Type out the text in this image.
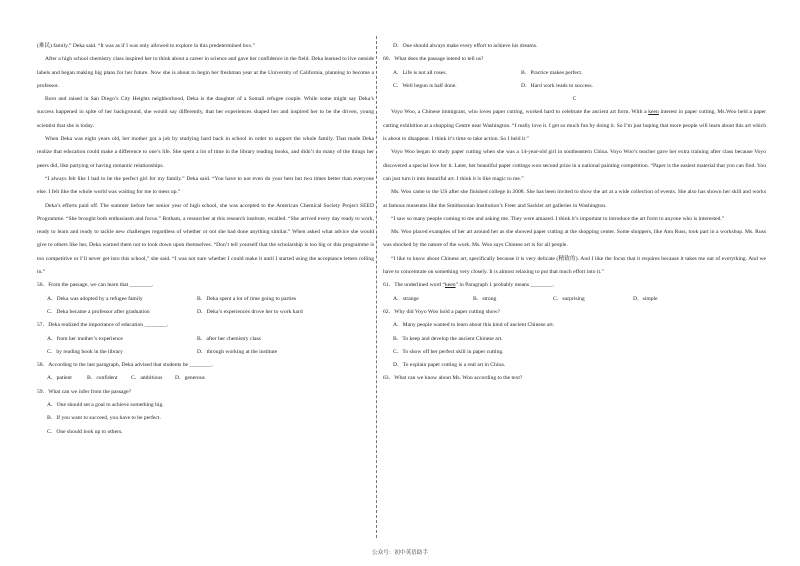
(难民) family.” Deka said. “It was as if I was only allowed to explore in this predetermined box.”

After a high school chemistry class inspired her to think about a career in science and gave her confidence in the field. Deka learned to live outside labels and began making big plans for her future. Now she is about to begin her freshman year at the University of California, planning to become a professor.

Born and raised in San Diego’s City Heights neighborhood, Deka is the daughter of a Somali refugee couple. While some might say Deka’s success happened in spite of her background, she would say differently, that her experiences shaped her and inspired her to be the driven, young scientist that she is today.

When Deka was eight years old, her mother got a job by studying hard back in school in order to support the whole family. That made Deka realize that education could make a difference to one’s life. She spent a lot of time in the library reading books, and didn’t do many of the things her peers did, like partying or having romantic relationships.

“I always felt like I had to be the perfect girl for my family.” Deka said. “You have to not even do your best but two times better than everyone else. I felt like the whole world was waiting for me to mess up.”

Deka’s efforts paid off. The summer before her senior year of high school, she was accepted to the American Chemical Society Project SEED Programme. “She brought both enthusiasm and focus.” Botham, a researcher at this research institute, recalled. “She arrived every day ready to work, ready to learn and ready to tackle new challenges regardless of whether or not she had done anything similar.” When asked what advice she would give to others like her, Deka warned them not to look down upon themselves. “Don’t tell yourself that the scholarship is too big or this programme is too competitive or I’ll never get into this school,” she said. “I was not sure whether I could make it until I started using the acceptance letters rolling in.”

56．From the passage, we can learn that ________.

A．Deka was adopted by a refugee family	B．Deka spent a lot of time going to parties
C．Deka became a professor after graduation	D．Deka’s experiences drove her to work hard

57．Deka realized the importance of education ________.

A．from her mother’s experience	B．after her chemistry class
C．by reading book in the library	D．through working at the institute

58．According to the last paragraph, Deka advised that students be ________.

A．patient	B．confident	C．ambitious	D．generous

59．What can we infer from the passage?

A．One should set a goal to achieve something big.

B．If you want to succeed, you have to be perfect.

C．One should look up to others.

D．One should always make every effort to achieve his dreams.

60．What does the passage intend to tell us?

A．Life is not all roses.	B．Practice makes perfect.
C．Well begun is half done.	D．Hard work leads to success.

C

Voyo Woo, a Chinese immigrant, who loves paper cutting, worked hard to celebrate the ancient art form. With a keen interest in paper cutting, Ms.Woo held a paper cutting exhibition at a shopping Centre near Washington. “I really love it. I get so much fun by doing it. So I’m just hoping that more people will learn about this art which is about to disappear. I think it’s time to take action. So I held it.”

Voyo Woo began to study paper cutting when she was a 14-year-old girl in southeastern China. Voyo Woo’s teacher gave her extra training after class because Voyo discovered a special love for it. Later, her beautiful paper cuttings won second prize in a national painting competition. “Paper is the easiest material that you can find. You can just turn it into beautiful art. I think it is like magic to me.”

Ms. Woo came to the US after she finished college in 2008. She has been invited to show the art at a wide collection of events. She also has shown her skill and works at famous museums like the Smithsonian Institution’s Freer and Sackler art galleries in Washington.

“I saw so many people coming to me and asking me. They were amazed. I think it’s important to introduce the art form to anyone who is interested.”

Ms. Woo placed examples of her art around her as she showed paper cutting at the shopping center. Some shoppers, like Ann Russ, took part in a workshop. Ms. Russ was shocked by the nature of the work. Ms. Woo says Chinese art is for all people.

“I like to know about Chinese art, specifically because it is very delicate (精致的). And I like the focus that it requires because it takes me out of everything. And we have to concentrate on something very closely. It is almost relaxing to put that much effort into it.”

61．The underlined word “keen” in Paragraph 1 probably means ________.

A．strange	B．strong	C．surprising	D．simple

62．Why did Voyo Woo hold a paper cutting show?

A．Many people wanted to learn about this kind of ancient Chinese art.

B．To keep and develop the ancient Chinese art.

C．To show off her perfect skill in paper cutting.

D．To explain paper cutting is a real art in China.

63．What can we know about Ms. Woo according to the text?

公众号：初中英语助手
